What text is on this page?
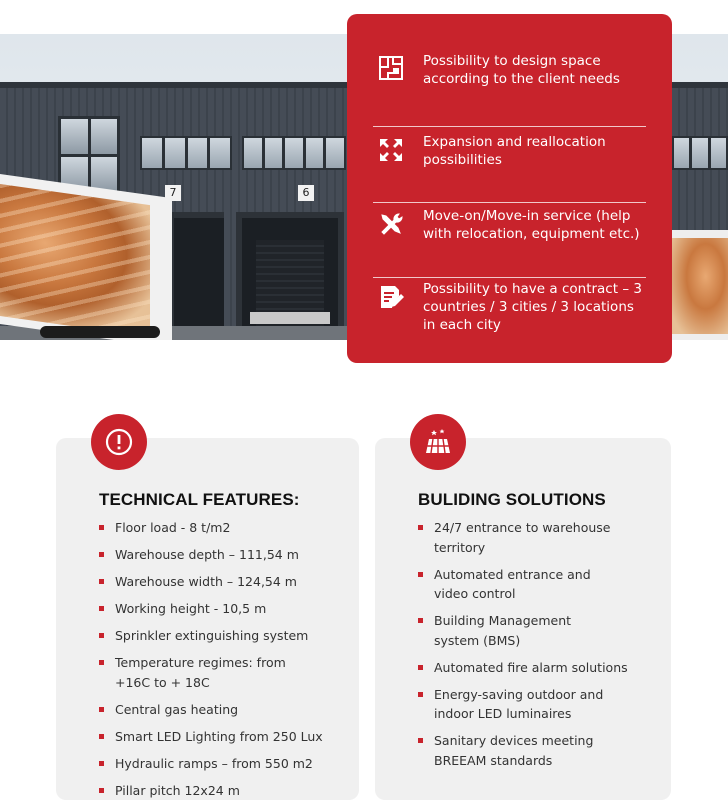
7	6
Possibility to design space according to the client needs
Expansion and reallocation possibilities
Move-on/Move-in service (help with relocation, equipment etc.)
Possibility to have a contract – 3 countries / 3 cities / 3 locations in each city
TECHNICAL FEATURES:
Floor load - 8 t/m2
Warehouse depth – 111,54 m
Warehouse width – 124,54 m
Working height - 10,5 m
Sprinkler extinguishing system
Temperature regimes: from +16C to + 18C
Central gas heating
Smart LED Lighting from 250 Lux
Hydraulic ramps – from 550 m2
Pillar pitch 12x24 m
BULIDING SOLUTIONS
24/7 entrance to warehouse territory
Automated entrance and video control
Building Management system (BMS)
Automated fire alarm solutions
Energy-saving outdoor and indoor LED luminaires
Sanitary devices meeting BREEAM standards
